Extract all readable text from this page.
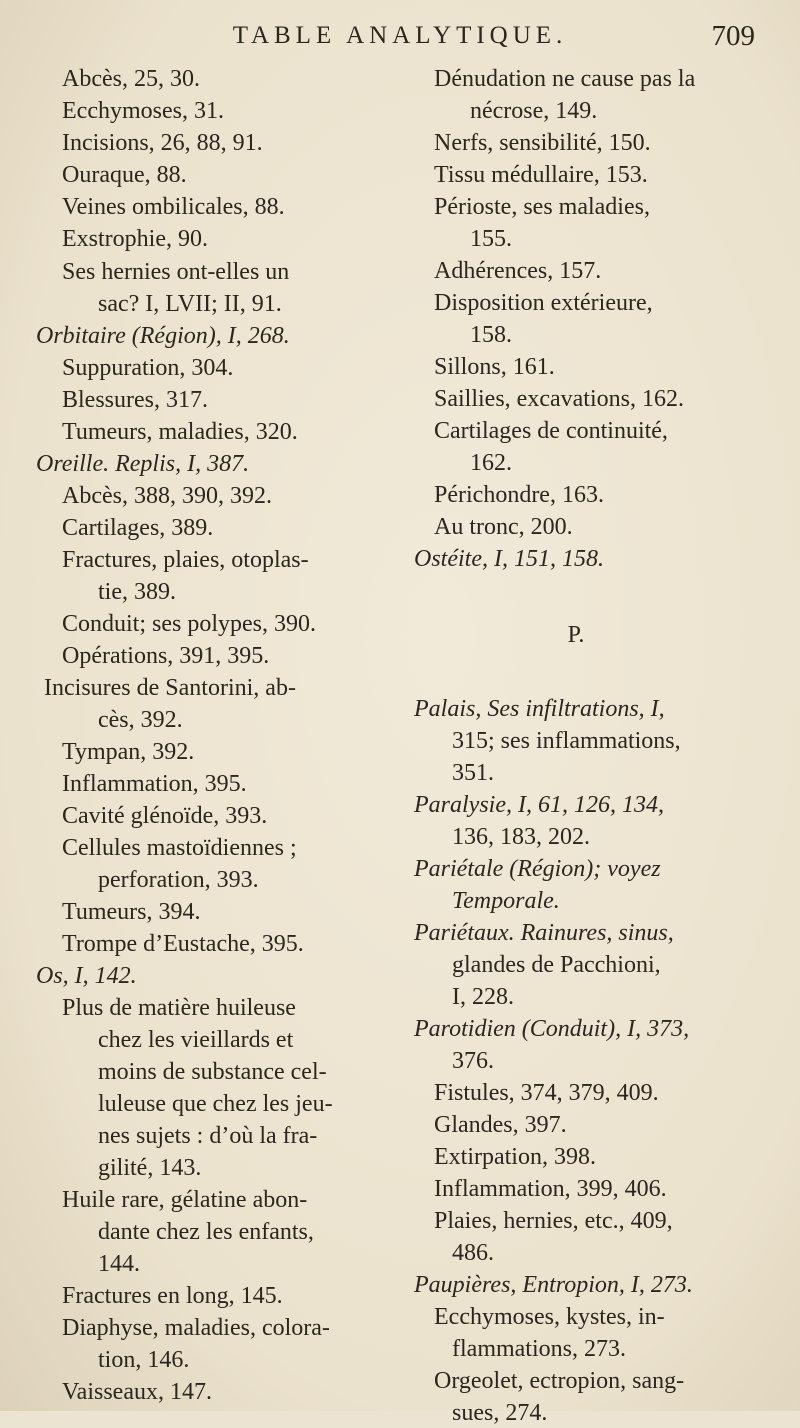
TABLE ANALYTIQUE.	709
Abcès, 25, 30.
Ecchymoses, 31.
Incisions, 26, 88, 91.
Ouraque, 88.
Veines ombilicales, 88.
Exstrophie, 90.
Ses hernies ont-elles un
sac? I, LVII; II, 91.
Orbitaire (Région), I, 268.
Suppuration, 304.
Blessures, 317.
Tumeurs, maladies, 320.
Oreille. Replis, I, 387.
Abcès, 388, 390, 392.
Cartilages, 389.
Fractures, plaies, otoplas-
tie, 389.
Conduit; ses polypes, 390.
Opérations, 391, 395.
Incisures de Santorini, ab-
cès, 392.
Tympan, 392.
Inflammation, 395.
Cavité glénoïde, 393.
Cellules mastoïdiennes ;
perforation, 393.
Tumeurs, 394.
Trompe d’Eustache, 395.
Os, I, 142.
Plus de matière huileuse
chez les vieillards et
moins de substance cel-
luleuse que chez les jeu-
nes sujets : d’où la fra-
gilité, 143.
Huile rare, gélatine abon-
dante chez les enfants,
144.
Fractures en long, 145.
Diaphyse, maladies, colora-
tion, 146.
Vaisseaux, 147.
Dénudation ne cause pas la
nécrose, 149.
Nerfs, sensibilité, 150.
Tissu médullaire, 153.
Périoste, ses maladies,
155.
Adhérences, 157.
Disposition extérieure,
158.
Sillons, 161.
Saillies, excavations, 162.
Cartilages de continuité,
162.
Périchondre, 163.
Au tronc, 200.
Ostéite, I, 151, 158.
P.
Palais, Ses infiltrations, I,
315; ses inflammations,
351.
Paralysie, I, 61, 126, 134,
136, 183, 202.
Pariétale (Région); voyez
Temporale.
Pariétaux. Rainures, sinus,
glandes de Pacchioni,
I, 228.
Parotidien (Conduit), I, 373,
376.
Fistules, 374, 379, 409.
Glandes, 397.
Extirpation, 398.
Inflammation, 399, 406.
Plaies, hernies, etc., 409,
486.
Paupières, Entropion, I, 273.
Ecchymoses, kystes, in-
flammations, 273.
Orgeolet, ectropion, sang-
sues, 274.
